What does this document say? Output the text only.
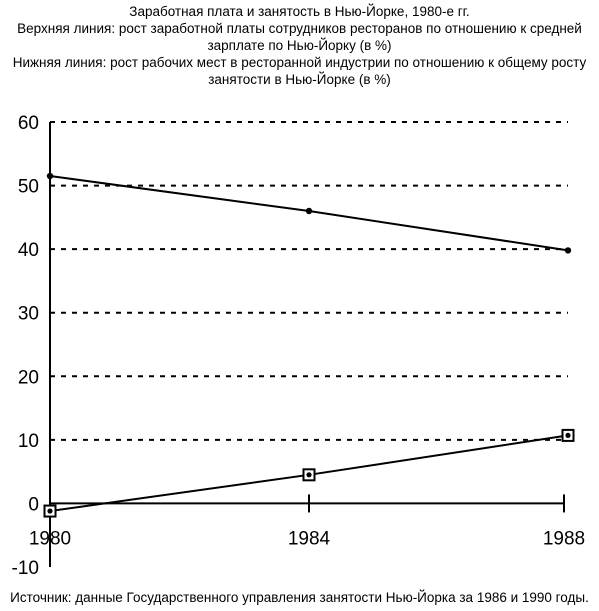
Заработная плата и занятость в Нью-Йорке, 1980-е гг.
Верхняя линия: рост заработной платы сотрудников ресторанов по отношению к средней зарплате по Нью-Йорку (в %)
Нижняя линия: рост рабочих мест в ресторанной индустрии по отношению к общему росту занятости в Нью-Йорке (в %)
-10
0
10
20
30
40
50
60
1980	1984	1988
Источник: данные Государственного управления занятости Нью-Йорка за 1986 и 1990 годы.
